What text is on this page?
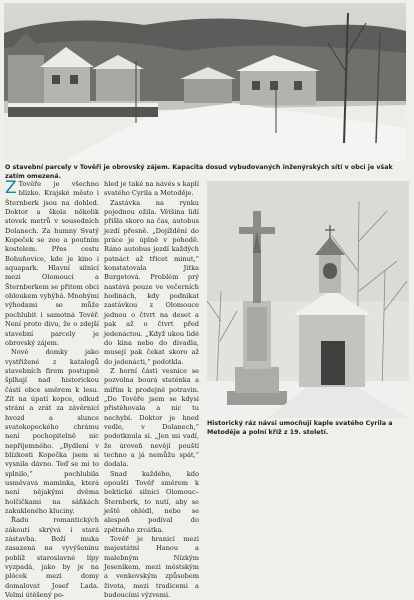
O stavební parcely v Tověři je obrovský zájem. Kapacita dosud vybudovaných inženýrských sítí v obci je však zatím omezená.

Z Tověře je všechno blízko. Krajské město i Šternberk jsou na dohled. Doktor a škola několik stovek metrů v sousedních Dolanech. Za humny Svatý Kopeček se zoo a poutním kostelem. Přes cestu Bohuňovice, kde je kino i aquapark. Hlavní silnicí mezi Olomoucí a Šternberkem se přitom obci obloukem vyhýbá. Mnohými výhodami se může pochlubit i samotná Tověř. Není proto divu, že o zdejší stavební parcely je obrovský zájem.

Nové domky jako vystřižené z katalogů stavebních firem postupně šplhají nad historickou částí obce směrem k lesu. Zít na úpatí kopce, odkud stráni a zrát za závěrnicí hvozd a slunce svatokopeckého chrámu není pochopitelně nic nepříjemného. „Bydlení v blízkosti Kopečka jsem si vysnila dávno. Teď se mi to splnilo,“ pochlubila usměvavá maminka, která není nějakými dvěma holčičkami na sáňkách zakukleného kluciny.

Řadu romantických zákoutí skrývá i stará zástavba. Boží muka zasazená na vyvýšeninu poblíž staroslavné lípy vyzpadá, jako by je na plócek mezi domy domalovat Josef Lada. Velmi útěšený po-

hled je také na návés s kaplí svatého Cyrila a Metoděje.

Zastávka na rynku pojednou ožila. Většina lidí přišla skoro na čas, autobus jezdí přesně. „Dojíždění do práce je úplně v pohodě. Ráno autobus jezdí každých patnáct až třicet minut,“ konstatovala Jitka Burgetová. Problém prý nastává pouze ve večerních hodinách, kdy podnikat zastávkou z Olomouce jednou o čtvrt na deset a pak až o čtvrt před jedenáctou. „Když ukou lidé do kina nebo do divadla, musejí pak čekat skoro až do jedenácti,“ podotkla.

Z horní části vesnice se pozvolna bourá staténka a mířím k prodejně potravin. „Do Tověře jsem se kdysi přistěhovala a nic tu nechybí. Doktor je hned vedle, v Dolanech,“ podotknula si. „Jen mi vadí, že úroveň nevějí pouští techno a já nemůžu spát,“ dodala.

Snad každého, kdo opouští Tověř směrem k bektické silnici Olomouc–Šternberk, to nutí, aby se ještě ohlédl, nebo se alespoň podíval do zpětného zrcátka.

Tověř je hranicí mezi majestátní Hanou a malebným Nízkým Jeseníkem, mezi městským a venkovským způsobem života, mezi tradicemi a budoucími výzvemi.

Historický ráz návsi umocňují kaple svatého Cyrila a Metoděje a polní kříž z 19. století.
